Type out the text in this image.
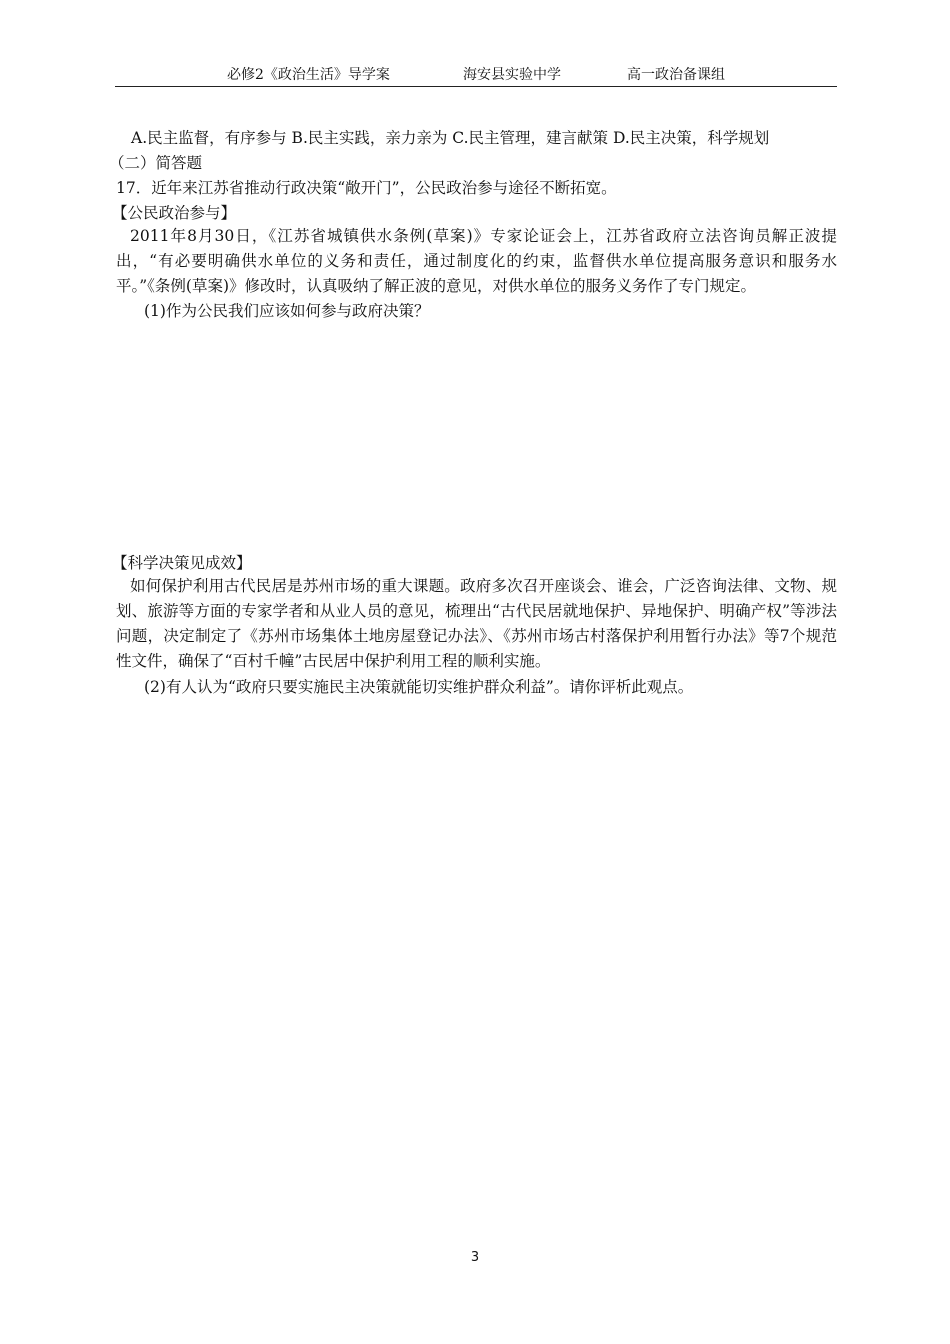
必修2《政治生活》导学案	海安县实验中学	高一政治备课组
A.民主监督，有序参与 B.民主实践，亲力亲为 C.民主管理，建言献策 D.民主决策，科学规划
（二）简答题
17．近年来江苏省推动行政决策“敞开门”，公民政治参与途径不断拓宽。
【公民政治参与】
2011年8月30日，《江苏省城镇供水条例(草案)》专家论证会上，江苏省政府立法咨询员解正波提出，“有必要明确供水单位的义务和责任，通过制度化的约束，监督供水单位提高服务意识和服务水平。”《条例(草案)》修改时，认真吸纳了解正波的意见，对供水单位的服务义务作了专门规定。
(1)作为公民我们应该如何参与政府决策？
【科学决策见成效】
如何保护利用古代民居是苏州市场的重大课题。政府多次召开座谈会、谁会，广泛咨询法律、文物、规划、旅游等方面的专家学者和从业人员的意见，梳理出“古代民居就地保护、异地保护、明确产权”等涉法问题，决定制定了《苏州市场集体土地房屋登记办法》、《苏州市场古村落保护利用暂行办法》等7个规范性文件，确保了“百村千幢”古民居中保护利用工程的顺利实施。
(2)有人认为“政府只要实施民主决策就能切实维护群众利益”。请你评析此观点。
3
